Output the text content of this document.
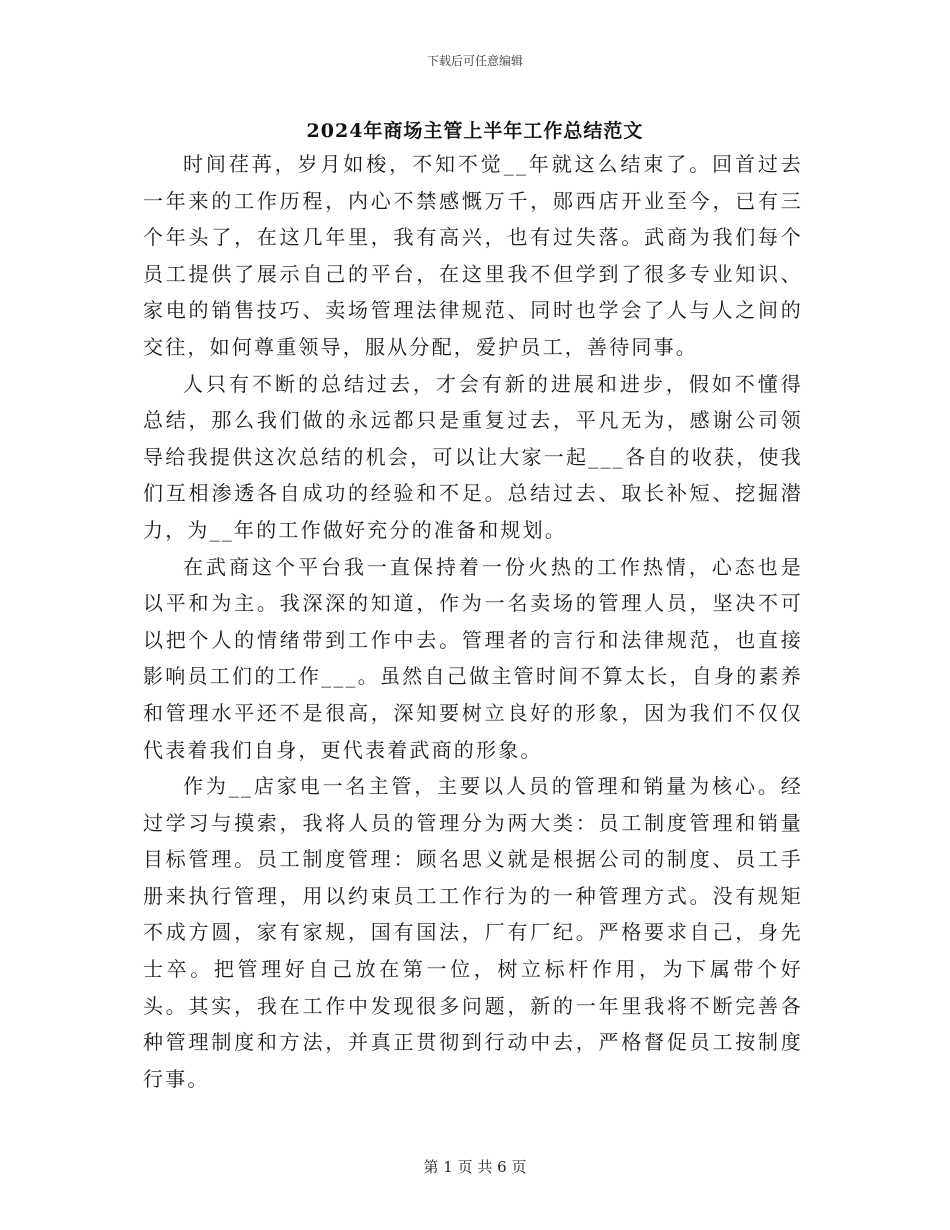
下载后可任意编辑
2024年商场主管上半年工作总结范文

时间荏苒，岁月如梭，不知不觉__年就这么结束了。回首过去一年来的工作历程，内心不禁感慨万千，郧西店开业至今，已有三个年头了，在这几年里，我有高兴，也有过失落。武商为我们每个员工提供了展示自己的平台，在这里我不但学到了很多专业知识、家电的销售技巧、卖场管理法律规范、同时也学会了人与人之间的交往，如何尊重领导，服从分配，爱护员工，善待同事。

人只有不断的总结过去，才会有新的进展和进步，假如不懂得总结，那么我们做的永远都只是重复过去，平凡无为，感谢公司领导给我提供这次总结的机会，可以让大家一起___各自的收获，使我们互相渗透各自成功的经验和不足。总结过去、取长补短、挖掘潜力，为__年的工作做好充分的准备和规划。

在武商这个平台我一直保持着一份火热的工作热情，心态也是以平和为主。我深深的知道，作为一名卖场的管理人员，坚决不可以把个人的情绪带到工作中去。管理者的言行和法律规范，也直接影响员工们的工作___。虽然自己做主管时间不算太长，自身的素养和管理水平还不是很高，深知要树立良好的形象，因为我们不仅仅代表着我们自身，更代表着武商的形象。

作为__店家电一名主管，主要以人员的管理和销量为核心。经过学习与摸索，我将人员的管理分为两大类：员工制度管理和销量目标管理。员工制度管理：顾名思义就是根据公司的制度、员工手册来执行管理，用以约束员工工作行为的一种管理方式。没有规矩不成方圆，家有家规，国有国法，厂有厂纪。严格要求自己，身先士卒。把管理好自己放在第一位，树立标杆作用，为下属带个好头。其实，我在工作中发现很多问题，新的一年里我将不断完善各种管理制度和方法，并真正贯彻到行动中去，严格督促员工按制度行事。

第 1 页 共 6 页
